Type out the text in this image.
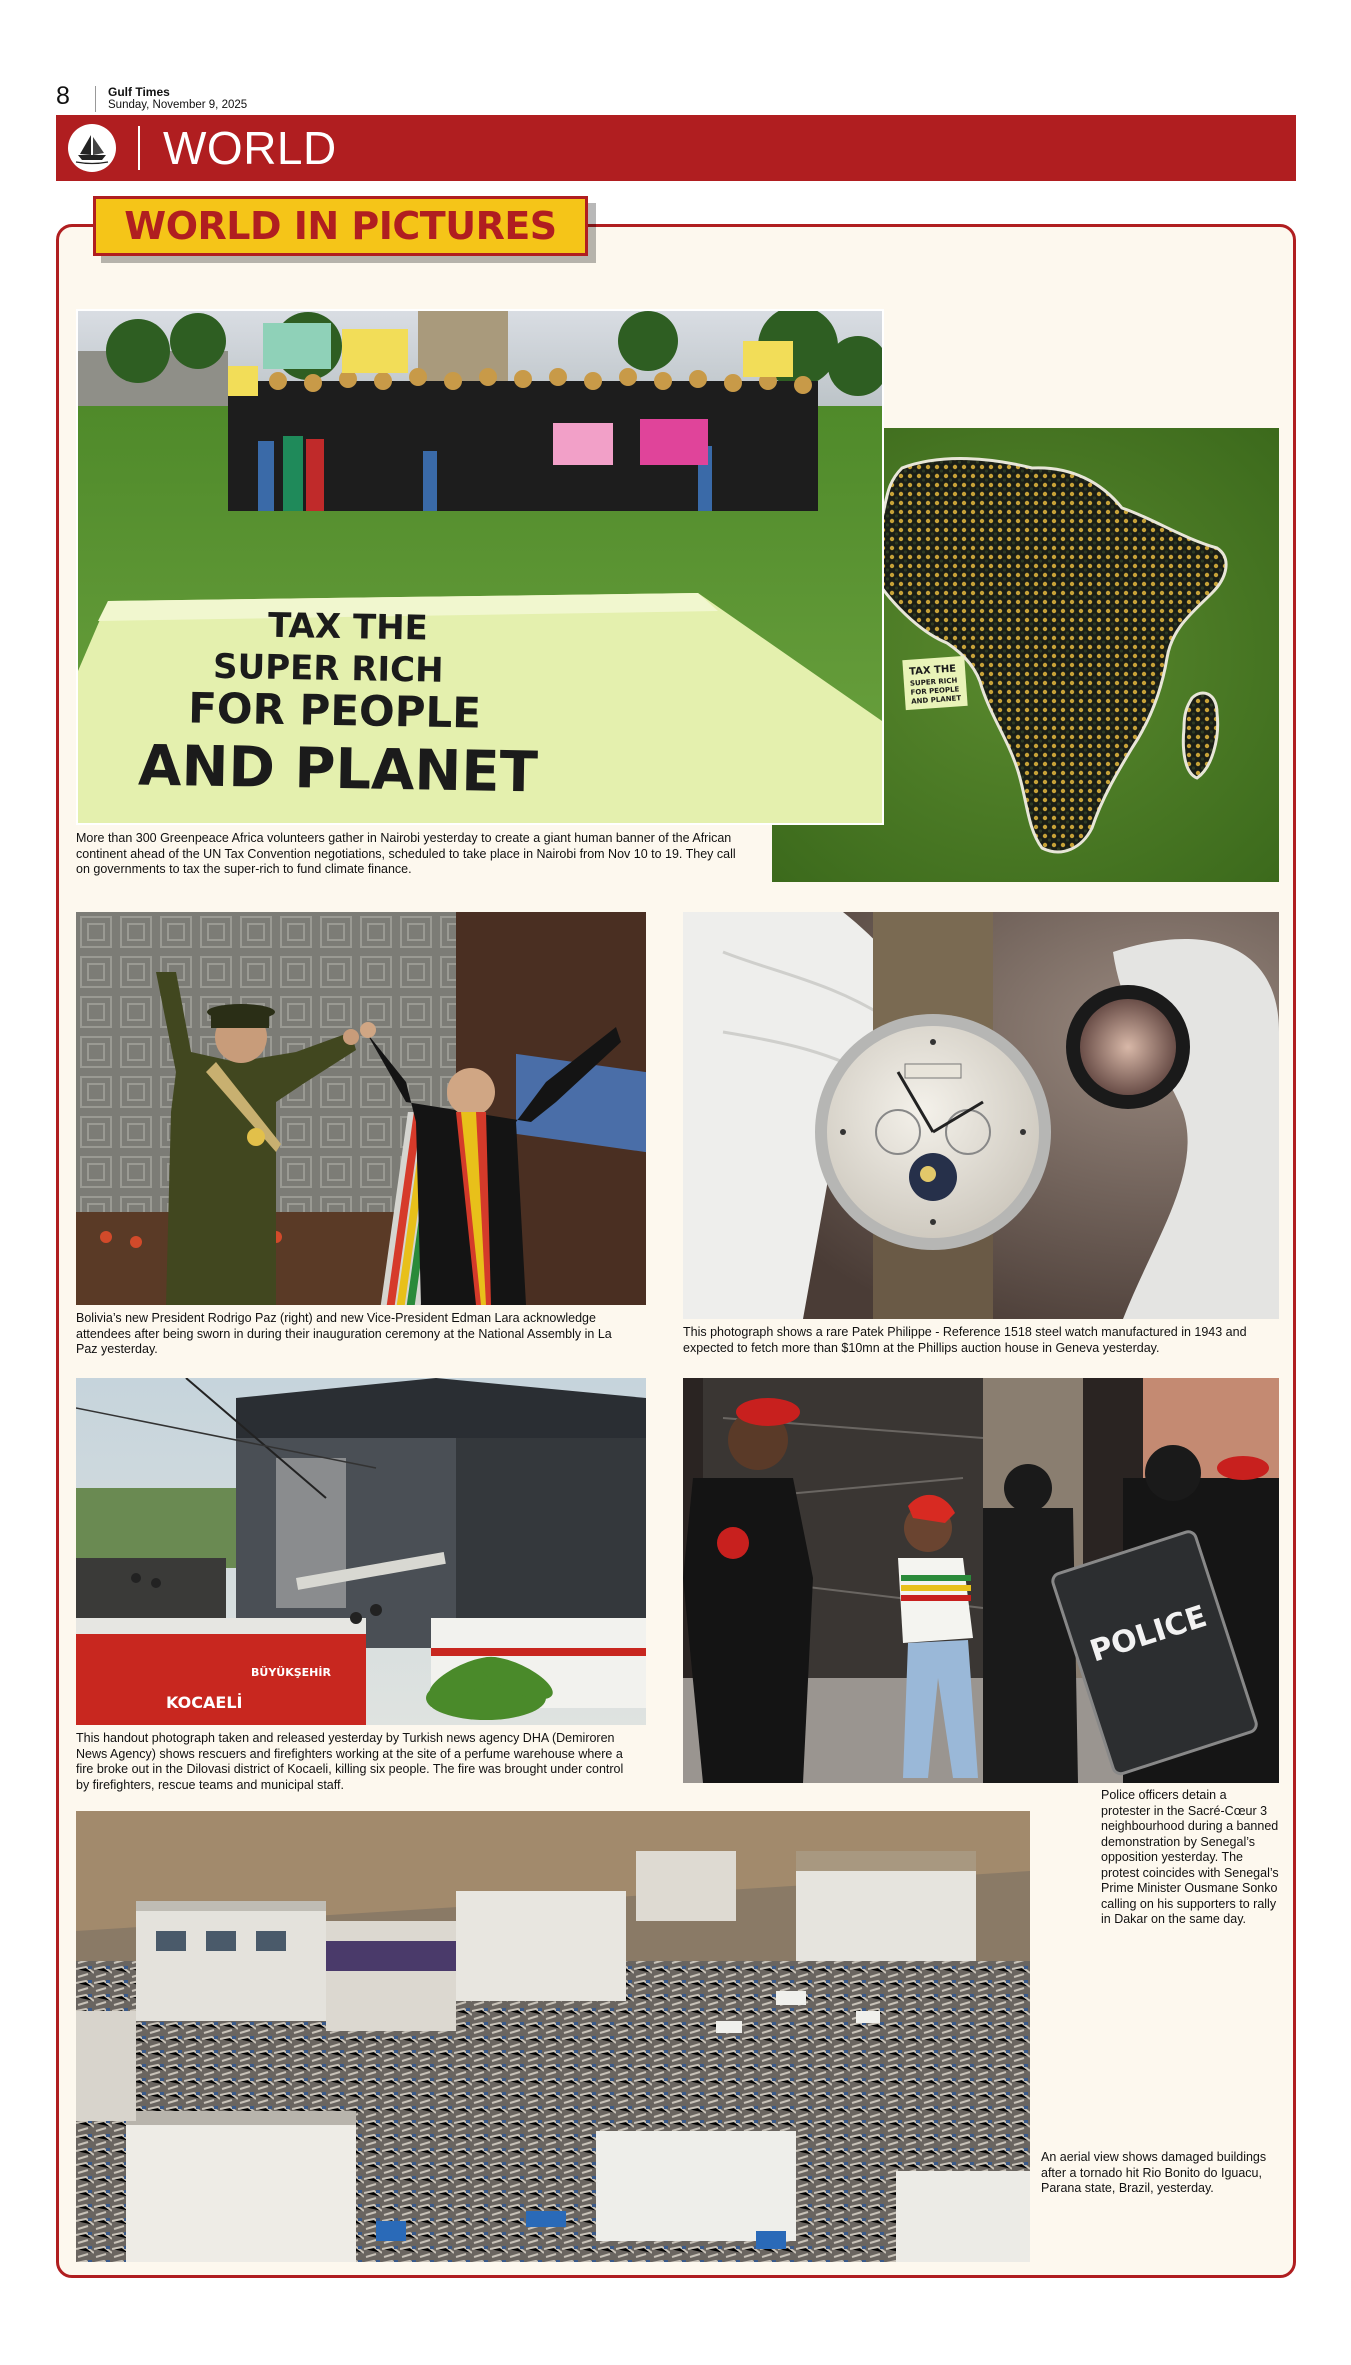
8	Gulf Times
Sunday, November 9, 2025
WORLD
WORLD IN PICTURES
TAX THE
SUPER RICH
FOR PEOPLE
AND PLANET
TAX THE
SUPER RICH
FOR PEOPLE
AND PLANET
More than 300 Greenpeace Africa volunteers gather in Nairobi yesterday to create a giant human banner of the African continent ahead of the UN Tax Convention negotiations, scheduled to take place in Nairobi from Nov 10 to 19. They call on governments to tax the super-rich to fund climate finance.
Bolivia’s new President Rodrigo Paz (right) and new Vice-President Edman Lara acknowledge attendees after being sworn in during their inauguration ceremony at the National Assembly in La Paz yesterday.
This photograph shows a rare Patek Philippe - Reference 1518 steel watch manufactured in 1943 and expected to fetch more than $10mn at the Phillips auction house in Geneva yesterday.
KOCAELİ
BÜYÜKŞEHİR
This handout photograph taken and released yesterday by Turkish news agency DHA (Demiroren News Agency) shows rescuers and firefighters working at the site of a perfume warehouse where a fire broke out in the Dilovasi district of Kocaeli, killing six people. The fire was brought under control by firefighters, rescue teams and municipal staff.
POLICE
Police officers detain a protester in the Sacré-Cœur 3 neighbourhood during a banned demonstration by Senegal’s opposition yesterday. The protest coincides with Senegal’s Prime Minister Ousmane Sonko calling on his supporters to rally in Dakar on the same day.
An aerial view shows damaged buildings after a tornado hit Rio Bonito do Iguacu, Parana state, Brazil, yesterday.
